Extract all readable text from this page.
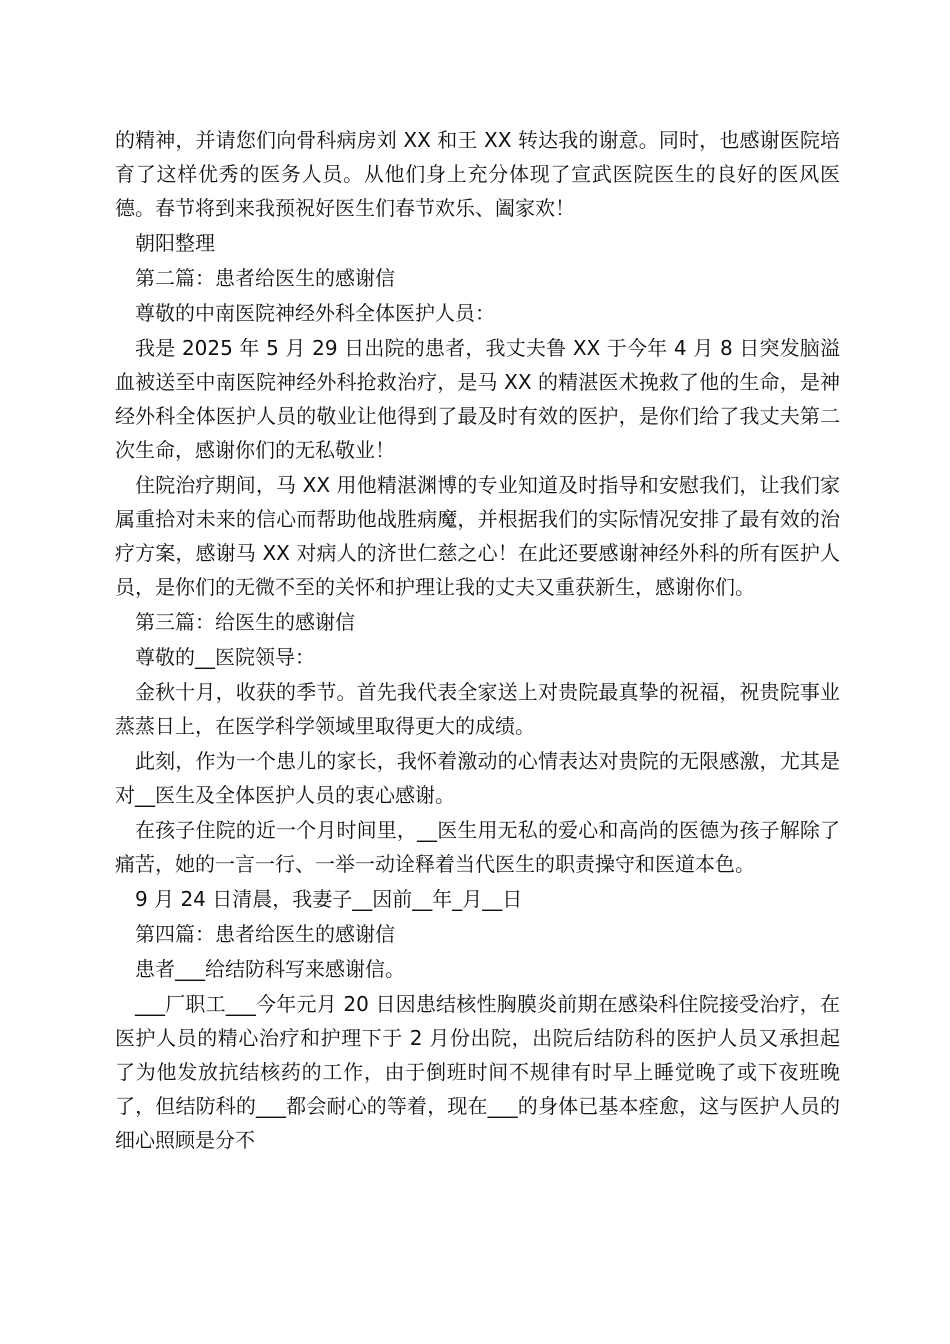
的精神，并请您们向骨科病房刘 XX 和王 XX 转达我的谢意。同时，也感谢医院培育了这样优秀的医务人员。从他们身上充分体现了宣武医院医生的良好的医风医德。春节将到来我预祝好医生们春节欢乐、阖家欢！

朝阳整理

第二篇：患者给医生的感谢信

尊敬的中南医院神经外科全体医护人员：

我是 2025 年 5 月 29 日出院的患者，我丈夫鲁 XX 于今年 4 月 8 日突发脑溢血被送至中南医院神经外科抢救治疗，是马 XX 的精湛医术挽救了他的生命，是神经外科全体医护人员的敬业让他得到了最及时有效的医护，是你们给了我丈夫第二次生命，感谢你们的无私敬业！

住院治疗期间，马 XX 用他精湛渊博的专业知道及时指导和安慰我们，让我们家属重拾对未来的信心而帮助他战胜病魔，并根据我们的实际情况安排了最有效的治疗方案，感谢马 XX 对病人的济世仁慈之心！在此还要感谢神经外科的所有医护人员，是你们的无微不至的关怀和护理让我的丈夫又重获新生，感谢你们。

第三篇：给医生的感谢信

尊敬的__医院领导：

金秋十月，收获的季节。首先我代表全家送上对贵院最真挚的祝福，祝贵院事业蒸蒸日上，在医学科学领域里取得更大的成绩。

此刻，作为一个患儿的家长，我怀着激动的心情表达对贵院的无限感激，尤其是对__医生及全体医护人员的衷心感谢。

在孩子住院的近一个月时间里，__医生用无私的爱心和高尚的医德为孩子解除了痛苦，她的一言一行、一举一动诠释着当代医生的职责操守和医道本色。

9 月 24 日清晨，我妻子__因前__年_月__日

第四篇：患者给医生的感谢信

患者___给结防科写来感谢信。

___厂职工___今年元月 20 日因患结核性胸膜炎前期在感染科住院接受治疗，在医护人员的精心治疗和护理下于 2 月份出院，出院后结防科的医护人员又承担起了为他发放抗结核药的工作，由于倒班时间不规律有时早上睡觉晚了或下夜班晚了，但结防科的___都会耐心的等着，现在___的身体已基本痊愈，这与医护人员的细心照顾是分不
